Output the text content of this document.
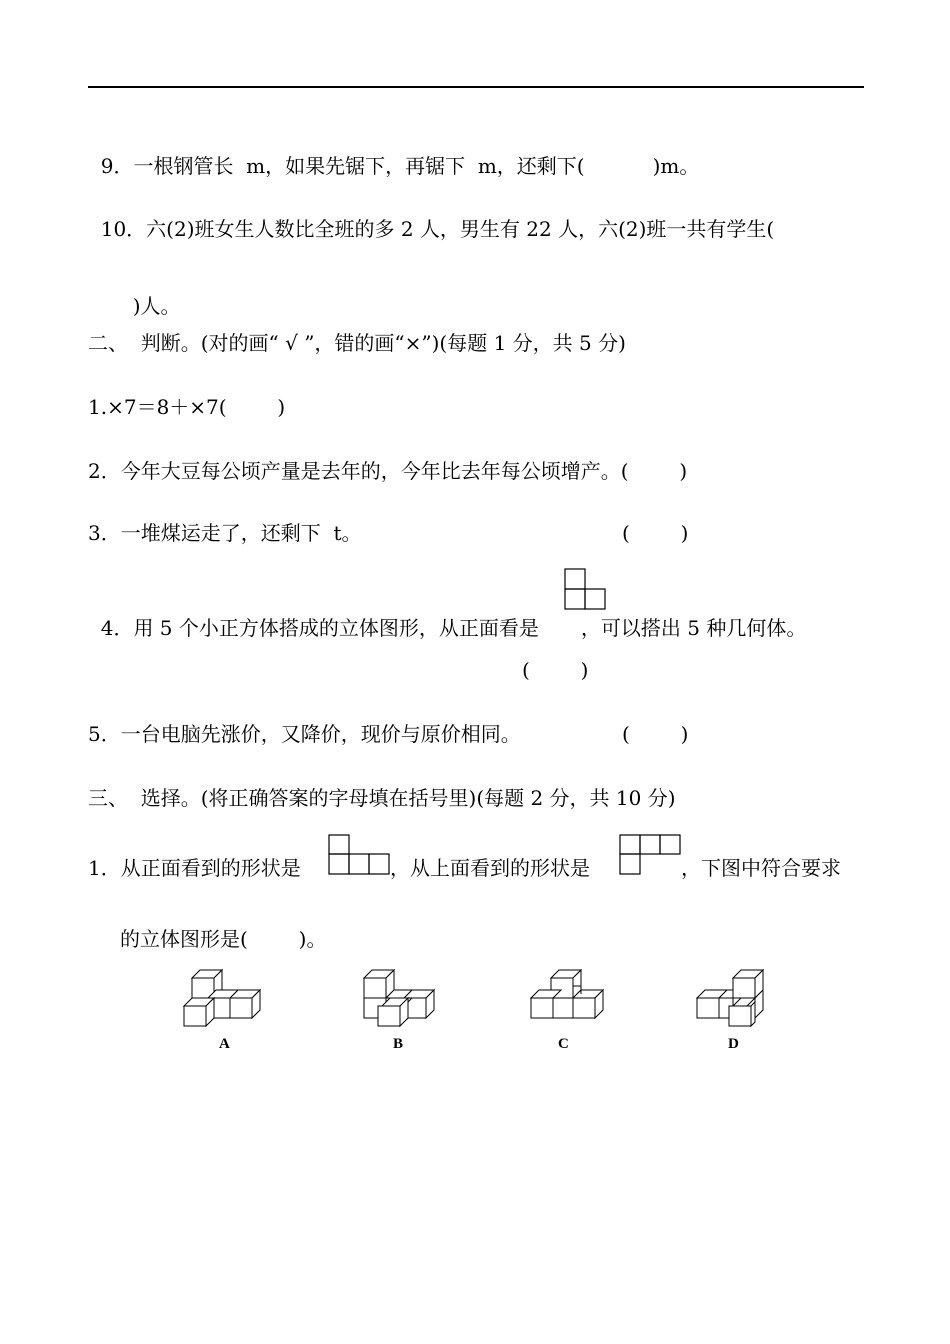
9．一根钢管长  m，如果先锯下，再锯下  m，还剩下(	)m。

10．六(2)班女生人数比全班的多 2 人，男生有 22 人，六(2)班一共有学生(

)人。

二、  判断。(对的画“ √ ”，错的画“×”)(每题 1 分，共 5 分)
1.×7＝8＋×7(        )
2．今年大豆每公顷产量是去年的，今年比去年每公顷增产。(        )
3．一堆煤运走了，还剩下  t。	(        )

4．用 5 个小正方体搭成的立体图形，从正面看是 ，可以搭出 5 种几何体。

(        )
5．一台电脑先涨价，又降价，现价与原价相同。	(        )
三、  选择。(将正确答案的字母填在括号里)(每题 2 分，共 10 分)
1．从正面看到的形状是	，从上面看到的形状是	，下图中符合要求
的立体图形是(        )。
A	B	C	D
